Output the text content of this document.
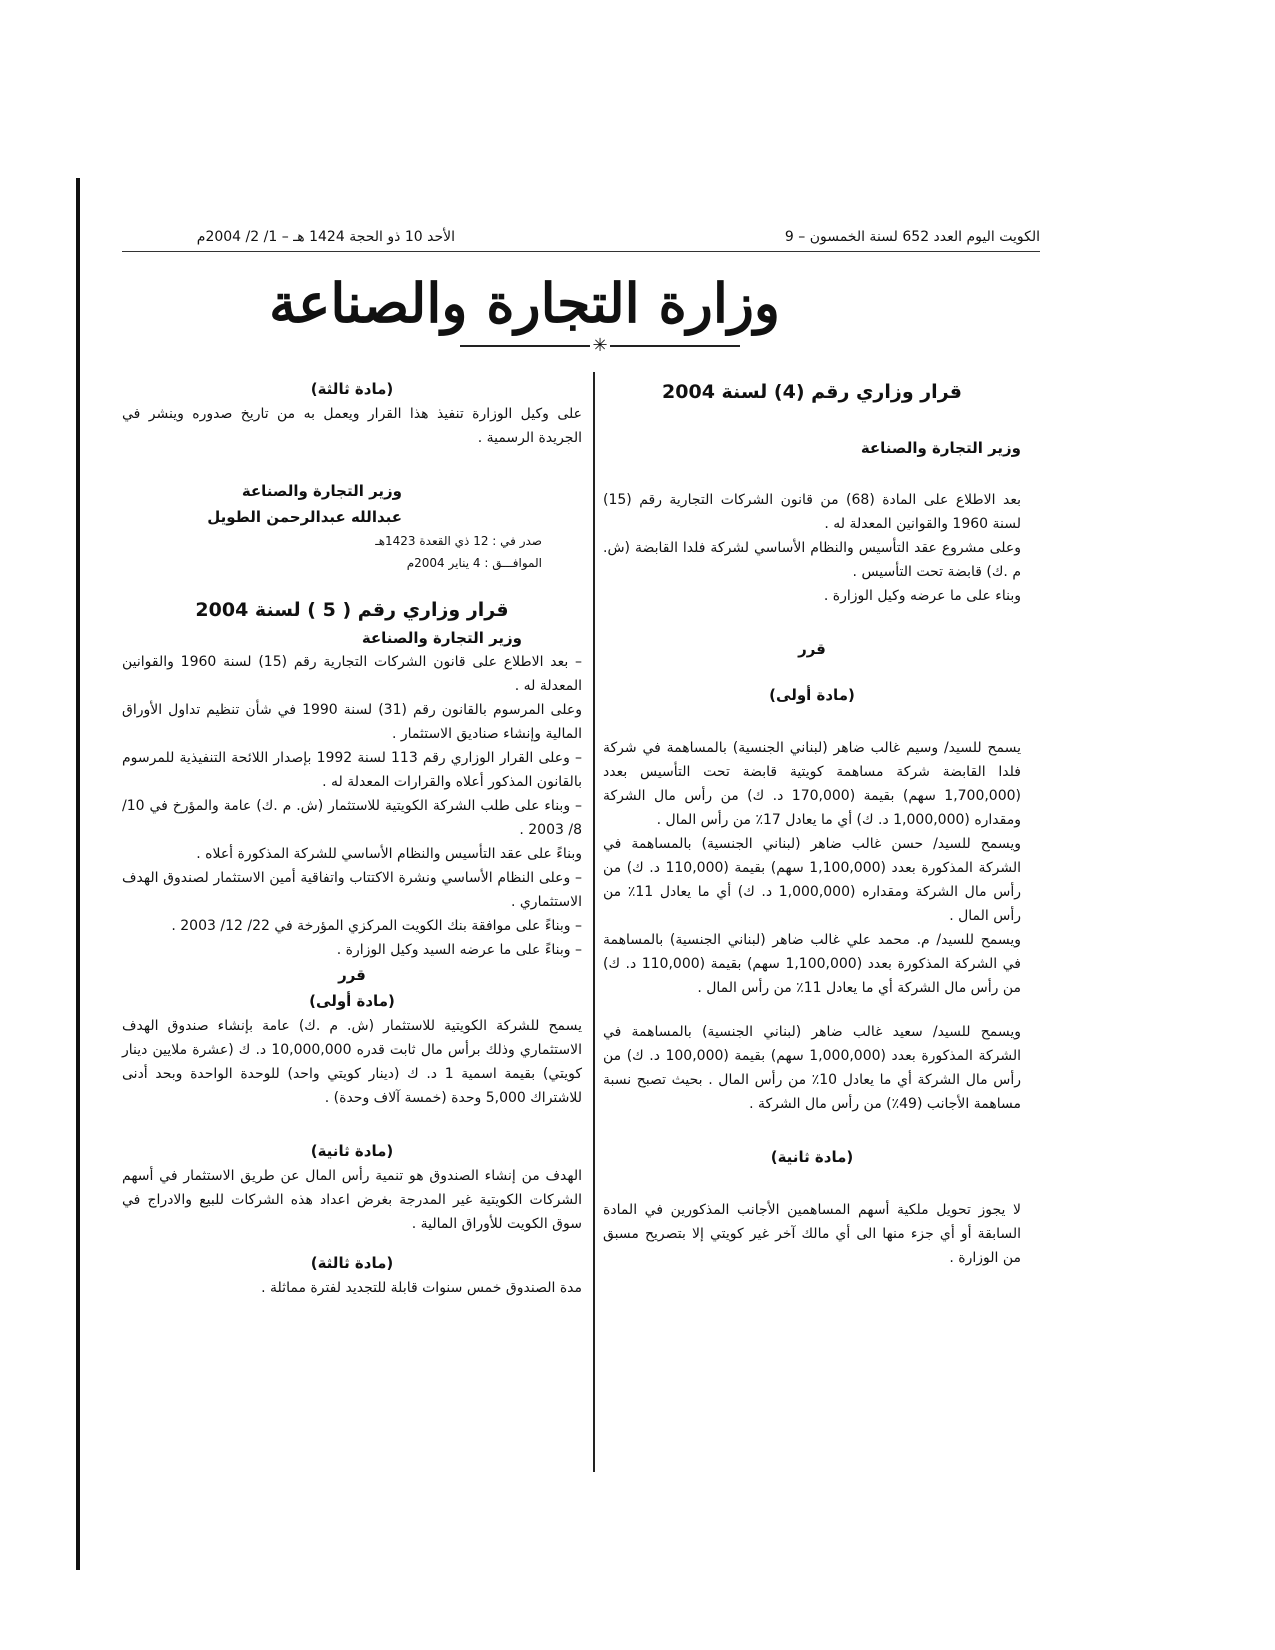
الكويت اليوم العدد 652 لسنة الخمسون – 9
الأحد 10 ذو الحجة 1424 هـ – 1/ 2/ 2004م
وزارة التجارة والصناعة
✳

قرار وزاري رقم (4) لسنة 2004

وزير التجارة والصناعة

بعد الاطلاع على المادة (68) من قانون الشركات التجارية رقم (15) لسنة 1960 والقوانين المعدلة له .

وعلى مشروع عقد التأسيس والنظام الأساسي لشركة فلدا القابضة (ش. م .ك) قابضة تحت التأسيس .

وبناء على ما عرضه وكيل الوزارة .

قرر

(مادة أولى)

يسمح للسيد/ وسيم غالب ضاهر (لبناني الجنسية) بالمساهمة في شركة فلدا القابضة شركة مساهمة كويتية قابضة تحت التأسيس بعدد (1,700,000 سهم) بقيمة (170,000 د. ك) من رأس مال الشركة ومقداره (1,000,000 د. ك) أي ما يعادل 17٪ من رأس المال .

ويسمح للسيد/ حسن غالب ضاهر (لبناني الجنسية) بالمساهمة في الشركة المذكورة بعدد (1,100,000 سهم) بقيمة (110,000 د. ك) من رأس مال الشركة ومقداره (1,000,000 د. ك) أي ما يعادل 11٪ من رأس المال .

ويسمح للسيد/ م. محمد علي غالب ضاهر (لبناني الجنسية) بالمساهمة في الشركة المذكورة بعدد (1,100,000 سهم) بقيمة (110,000 د. ك) من رأس مال الشركة أي ما يعادل 11٪ من رأس المال .

ويسمح للسيد/ سعيد غالب ضاهر (لبناني الجنسية) بالمساهمة في الشركة المذكورة بعدد (1,000,000 سهم) بقيمة (100,000 د. ك) من رأس مال الشركة أي ما يعادل 10٪ من رأس المال . بحيث تصبح نسبة مساهمة الأجانب (49٪) من رأس مال الشركة .

(مادة ثانية)

لا يجوز تحويل ملكية أسهم المساهمين الأجانب المذكورين في المادة السابقة أو أي جزء منها الى أي مالك آخر غير كويتي إلا بتصريح مسبق من الوزارة .

(مادة ثالثة)

على وكيل الوزارة تنفيذ هذا القرار ويعمل به من تاريخ صدوره وينشر في الجريدة الرسمية .

وزير التجارة والصناعة

عبدالله عبدالرحمن الطويل

صدر في : 12 ذي القعدة 1423هـ

الموافـــق : 4 يناير 2004م

قرار وزاري رقم ( 5 ) لسنة 2004

وزير التجارة والصناعة

– بعد الاطلاع على قانون الشركات التجارية رقم (15) لسنة 1960 والقوانين المعدلة له .

وعلى المرسوم بالقانون رقم (31) لسنة 1990 في شأن تنظيم تداول الأوراق المالية وإنشاء صناديق الاستثمار .

– وعلى القرار الوزاري رقم 113 لسنة 1992 بإصدار اللائحة التنفيذية للمرسوم بالقانون المذكور أعلاه والقرارات المعدلة له .

– وبناء على طلب الشركة الكويتية للاستثمار (ش. م .ك) عامة والمؤرخ في 10/ 8/ 2003 .

وبناءً على عقد التأسيس والنظام الأساسي للشركة المذكورة أعلاه .

– وعلى النظام الأساسي ونشرة الاكتتاب واتفاقية أمين الاستثمار لصندوق الهدف الاستثماري .

– وبناءً على موافقة بنك الكويت المركزي المؤرخة في 22/ 12/ 2003 .

– وبناءً على ما عرضه السيد وكيل الوزارة .

قرر

(مادة أولى)

يسمح للشركة الكويتية للاستثمار (ش. م .ك) عامة بإنشاء صندوق الهدف الاستثماري وذلك برأس مال ثابت قدره 10,000,000 د. ك (عشرة ملايين دينار كويتي) بقيمة اسمية 1 د. ك (دينار كويتي واحد) للوحدة الواحدة وبحد أدنى للاشتراك 5,000 وحدة (خمسة آلاف وحدة) .

(مادة ثانية)

الهدف من إنشاء الصندوق هو تنمية رأس المال عن طريق الاستثمار في أسهم الشركات الكويتية غير المدرجة بغرض اعداد هذه الشركات للبيع والادراج في سوق الكويت للأوراق المالية .

(مادة ثالثة)

مدة الصندوق خمس سنوات قابلة للتجديد لفترة مماثلة .
